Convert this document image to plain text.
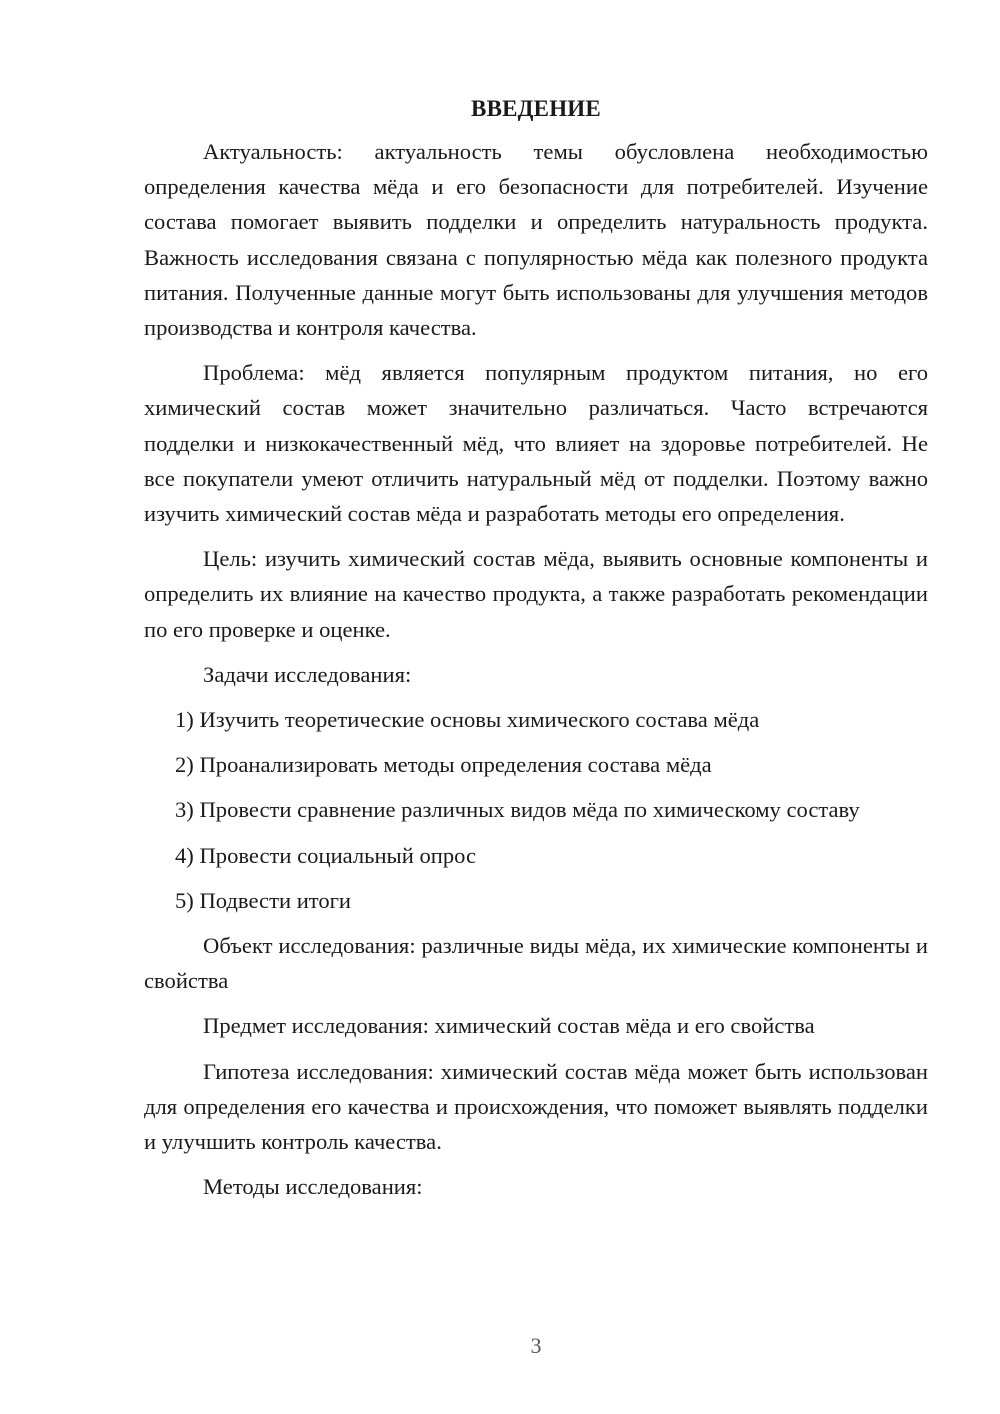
ВВЕДЕНИЕ

Актуальность: актуальность темы обусловлена необходимостью определения качества мёда и его безопасности для потребителей. Изучение состава помогает выявить подделки и определить натуральность продукта. Важность исследования связана с популярностью мёда как полезного продукта питания. Полученные данные могут быть использованы для улучшения методов производства и контроля качества.

Проблема: мёд является популярным продуктом питания, но его химический состав может значительно различаться. Часто встречаются подделки и низкокачественный мёд, что влияет на здоровье потребителей. Не все покупатели умеют отличить натуральный мёд от подделки. Поэтому важно изучить химический состав мёда и разработать методы его определения.

Цель: изучить химический состав мёда, выявить основные компоненты и определить их влияние на качество продукта, а также разработать рекомендации по его проверке и оценке.

Задачи исследования:

1) Изучить теоретические основы химического состава мёда
2) Проанализировать методы определения состава мёда
3) Провести сравнение различных видов мёда по химическому составу
4) Провести социальный опрос
5) Подвести итоги

Объект исследования: различные виды мёда, их химические компоненты и свойства

Предмет исследования: химический состав мёда и его свойства

Гипотеза исследования: химический состав мёда может быть использован для определения его качества и происхождения, что поможет выявлять подделки и улучшить контроль качества.

Методы исследования:

3
